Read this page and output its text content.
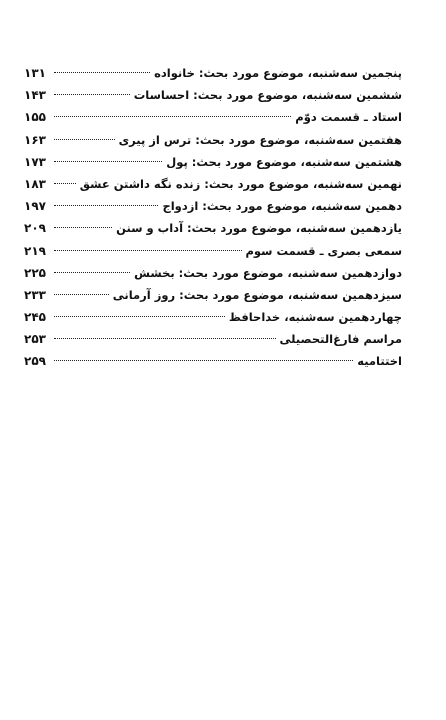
۱۳۱	پنجمین سه‌شنبه، موضوع مورد بحث: خانواده
۱۴۳	ششمین سه‌شنبه، موضوع مورد بحث: احساسات
۱۵۵	استاد ـ قسمت دوّم
۱۶۳	هفتمین سه‌شنبه، موضوع مورد بحث: ترس از پیری
۱۷۳	هشتمین سه‌شنبه، موضوع مورد بحث: پول
۱۸۳	نهمین سه‌شنبه، موضوع مورد بحث: زنده نگه داشتن عشق
۱۹۷	دهمین سه‌شنبه، موضوع مورد بحث: ازدواج
۲۰۹	یازدهمین سه‌شنبه، موضوع مورد بحث: آداب و سنن
۲۱۹	سمعی بصری ـ قسمت سوم
۲۲۵	دوازدهمین سه‌شنبه، موضوع مورد بحث: بخشش
۲۳۳	سیزدهمین سه‌شنبه، موضوع مورد بحث: روز آرمانی
۲۴۵	چهاردهمین سه‌شنبه، خداحافظ
۲۵۳	مراسم فارغ‌التحصیلی
۲۵۹	اختتامیه
